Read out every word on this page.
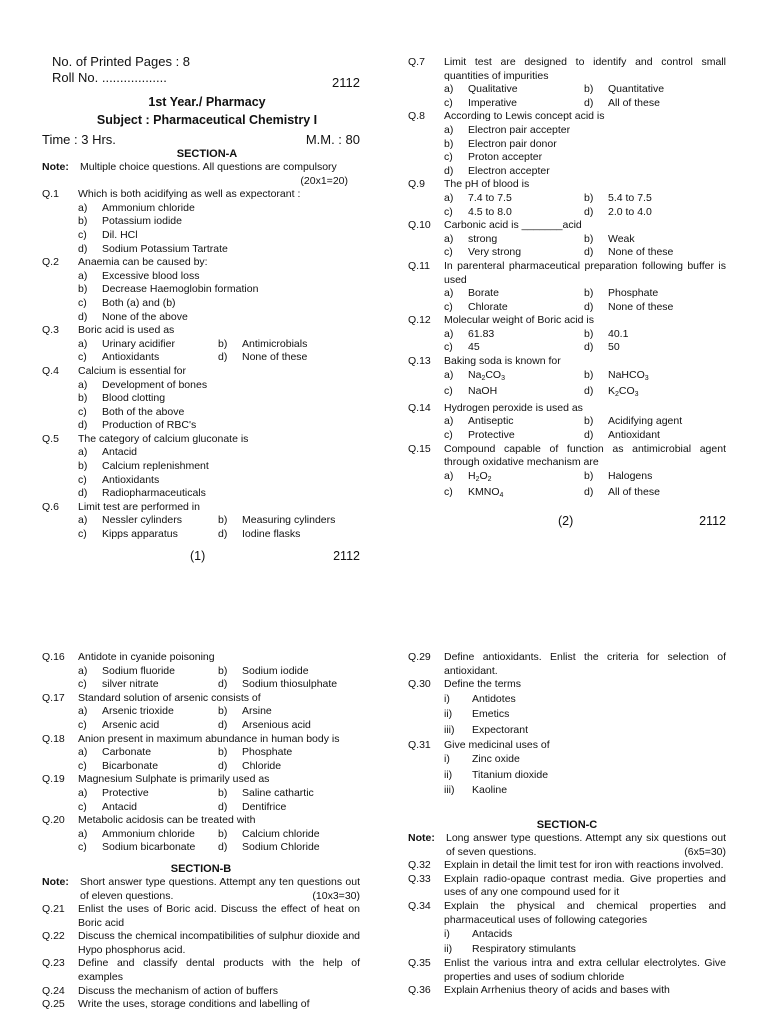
No. of Printed Pages : 8
Roll No. ..................	2112
1st Year./ Pharmacy
Subject : Pharmaceutical Chemistry I
Time : 3 Hrs.	M.M. : 80
SECTION-A
Note:	Multiple choice questions. All questions are compulsory
(20x1=20)
Q.1	Which is both acidifying as well as expectorant :
a)	Ammonium chloride
b)	Potassium iodide
c)	Dil. HCl
d)	Sodium Potassium Tartrate
Q.2	Anaemia can be caused by:
a)	Excessive blood loss
b)	Decrease Haemoglobin formation
c)	Both (a) and (b)
d)	None of the above
Q.3	Boric acid is used as
a)	Urinary acidifier	b)	Antimicrobials
c)	Antioxidants	d)	None of these
Q.4	Calcium is essential for
a)	Development of bones
b)	Blood clotting
c)	Both of the above
d)	Production of RBC's
Q.5	The category of calcium gluconate is
a)	Antacid
b)	Calcium replenishment
c)	Antioxidants
d)	Radiopharmaceuticals
Q.6	Limit test are performed in
a)	Nessler cylinders	b)	Measuring cylinders
c)	Kipps apparatus	d)	Iodine flasks
(1)	2112
Q.7	Limit test are designed to identify and control small quantities of impurities
a)	Qualitative	b)	Quantitative
c)	Imperative	d)	All of these
Q.8	According to Lewis concept acid is
a)	Electron pair accepter
b)	Electron pair donor
c)	Proton accepter
d)	Electron accepter
Q.9	The pH of blood is
a)	7.4 to 7.5	b)	5.4 to 7.5
c)	4.5 to 8.0	d)	2.0 to 4.0
Q.10	Carbonic acid is _______acid
a)	strong	b)	Weak
c)	Very strong	d)	None of these
Q.11	In parenteral pharmaceutical preparation following buffer is used
a)	Borate	b)	Phosphate
c)	Chlorate	d)	None of these
Q.12	Molecular weight of Boric acid is
a)	61.83	b)	40.1
c)	45	d)	50
Q.13	Baking soda is known for
a)	$Na_2CO_3$	b)	NaHCO$_3$
c)	NaOH	d)	$K_2CO_3$
Q.14	Hydrogen peroxide is used as
a)	Antiseptic	b)	Acidifying agent
c)	Protective	d)	Antioxidant
Q.15	Compound capable of function as antimicrobial agent through oxidative mechanism are
a)	$H_2O_2$	b)	Halogens
c)	$KMNO_4$	d)	All of these
(2)	2112
Q.16	Antidote in cyanide poisoning
a)	Sodium fluoride	b)	Sodium iodide
c)	silver nitrate	d)	Sodium thiosulphate
Q.17	Standard solution of arsenic consists of
a)	Arsenic trioxide	b)	Arsine
c)	Arsenic acid	d)	Arsenious acid
Q.18	Anion present in maximum abundance in human body is
a)	Carbonate	b)	Phosphate
c)	Bicarbonate	d)	Chloride
Q.19	Magnesium Sulphate is primarily used as
a)	Protective	b)	Saline cathartic
c)	Antacid	d)	Dentifrice
Q.20	Metabolic acidosis can be treated with
a)	Ammonium chloride b)	Calcium chloride
c)	Sodium bicarbonate d)	Sodium Chloride
SECTION-B
Note:	Short answer type questions. Attempt any ten questions out of eleven questions.	(10x3=30)
Q.21	Enlist the uses of Boric acid. Discuss the effect of heat on Boric acid
Q.22	Discuss the chemical incompatibilities of sulphur dioxide and Hypo phosphorus acid.
Q.23	Define and classify dental products with the help of examples
Q.24	Discuss the mechanism of action of buffers
Q.25	Write the uses, storage conditions and labelling of
Q.29	Define antioxidants. Enlist the criteria for selection of antioxidant.
Q.30	Define the terms
i)	Antidotes
ii)	Emetics
iii)	Expectorant
Q.31	Give medicinal uses of
i)	Zinc oxide
ii)	Titanium dioxide
iii)	Kaoline
SECTION-C
Note:	Long answer type questions. Attempt any six questions out of seven questions.	(6x5=30)
Q.32	Explain in detail the limit test for iron with reactions involved.
Q.33	Explain radio-opaque contrast media. Give properties and uses of any one compound used for it
Q.34	Explain the physical and chemical properties and pharmaceutical uses of following categories
i)	Antacids
ii)	Respiratory stimulants
Q.35	Enlist the various intra and extra cellular electrolytes. Give properties and uses of sodium chloride
Q.36	Explain Arrhenius theory of acids and bases with
